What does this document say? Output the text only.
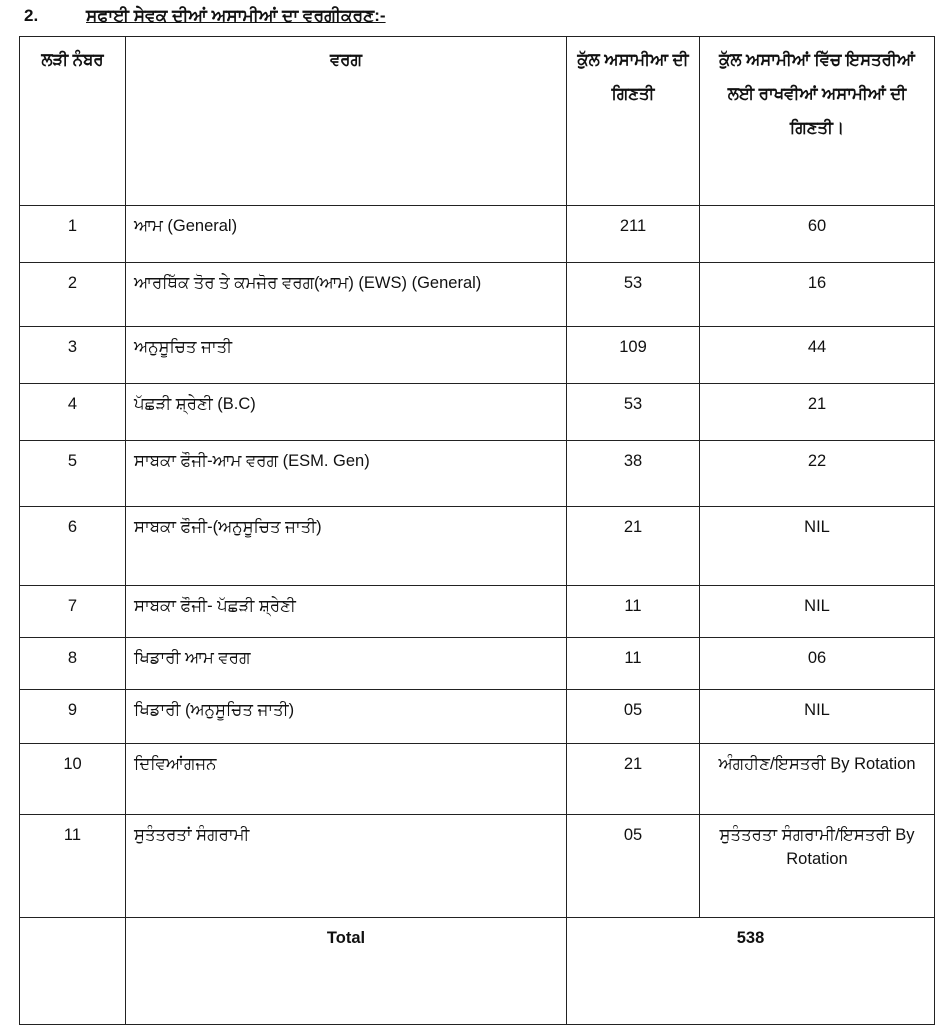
2.	ਸਫਾਈ ਸੇਵਕ ਦੀਆਂ ਅਸਾਮੀਆਂ ਦਾ ਵਰਗੀਕਰਣ:-
ਲੜੀ ਨੰਬਰ	ਵਰਗ	ਕੁੱਲ ਅਸਾਮੀਆ ਦੀ ਗਿਣਤੀ	ਕੁੱਲ ਅਸਾਮੀਆਂ ਵਿੱਚ ਇਸਤਰੀਆਂ ਲਈ ਰਾਖਵੀਆਂ ਅਸਾਮੀਆਂ ਦੀ ਗਿਣਤੀ।
1	ਆਮ (General)	211	60
2	ਆਰਥਿੱਕ ਤੋਰ ਤੇ ਕਮਜੋਰ ਵਰਗ(ਆਮ) (EWS) (General)	53	16
3	ਅਨੁਸੂਚਿਤ ਜਾਤੀ	109	44
4	ਪੱਛੜੀ ਸ਼੍ਰੇਣੀ (B.C)	53	21
5	ਸਾਬਕਾ ਫੌਜੀ-ਆਮ ਵਰਗ (ESM. Gen)	38	22
6	ਸਾਬਕਾ ਫੌਜੀ-(ਅਨੁਸੂਚਿਤ ਜਾਤੀ)	21	NIL
7	ਸਾਬਕਾ ਫੌਜੀ- ਪੱਛੜੀ ਸ਼੍ਰੇਣੀ	11	NIL
8	ਖਿਡਾਰੀ ਆਮ ਵਰਗ	11	06
9	ਖਿਡਾਰੀ (ਅਨੁਸੂਚਿਤ ਜਾਤੀ)	05	NIL
10	ਦਿਵਿਆਂਗਜਨ	21	ਅੰਗਹੀਣ/ਇਸਤਰੀ By Rotation
11	ਸੁਤੰਤਰਤਾਂ ਸੰਗਰਾਮੀ	05	ਸੁਤੰਤਰਤਾ ਸੰਗਰਾਮੀ/ਇਸਤਰੀ By Rotation
	Total	538	
